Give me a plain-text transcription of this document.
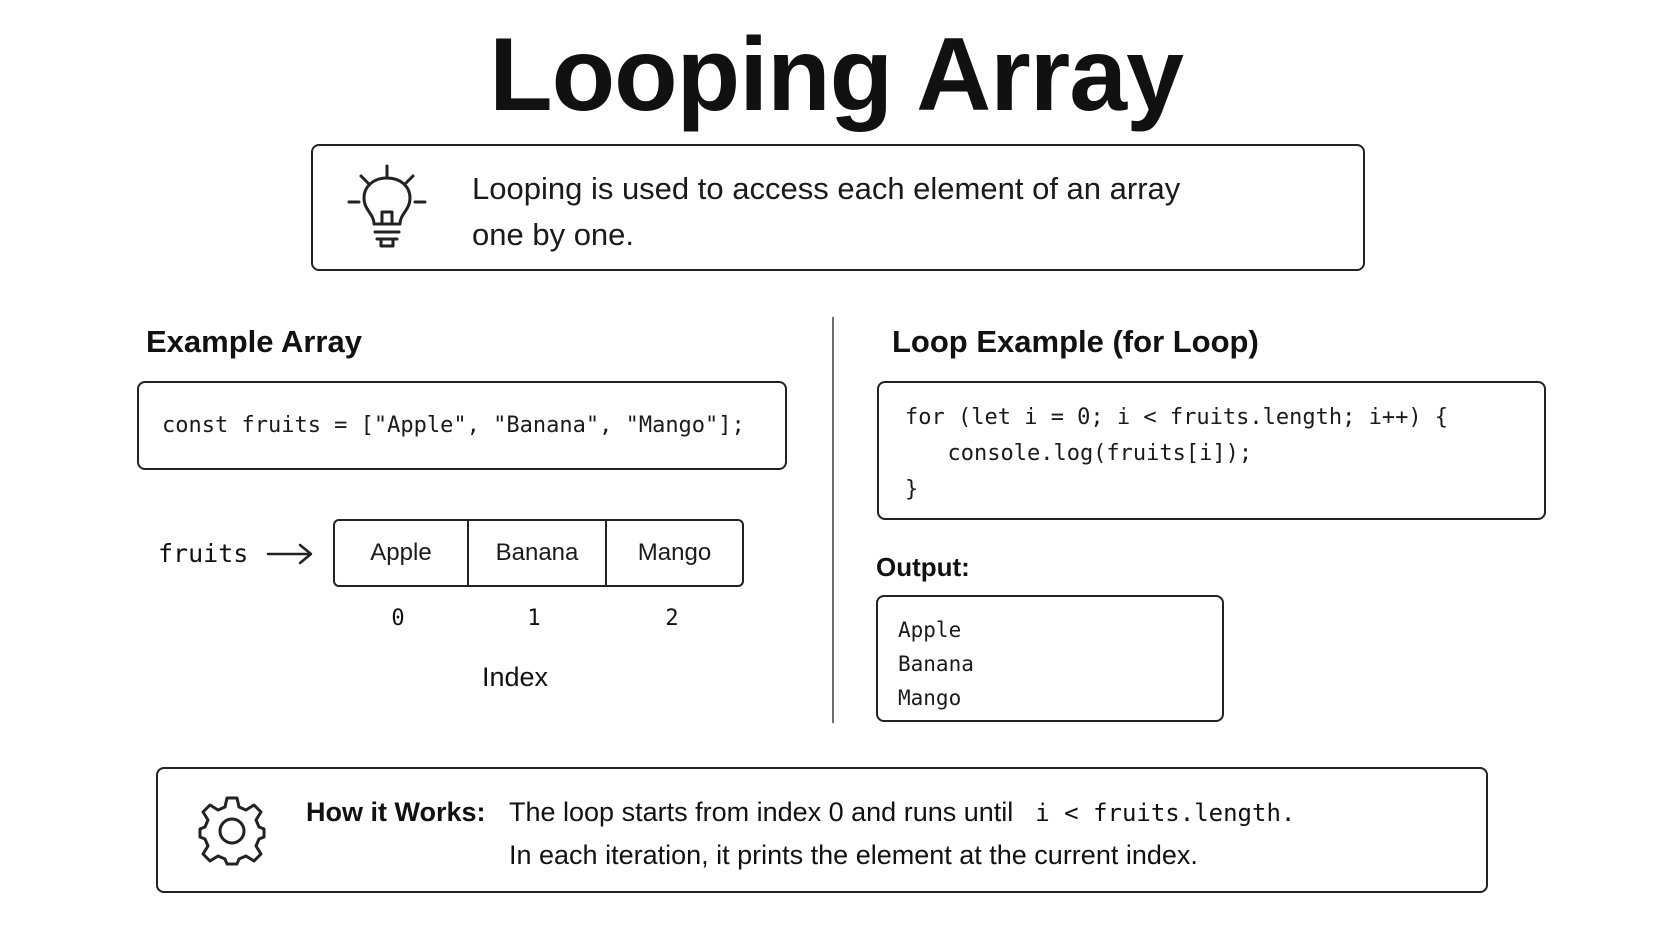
Looping Array
Looping is used to access each element of an array
one by one.
Example Array
const fruits = ["Apple", "Banana", "Mango"];
fruits	Apple	Banana	Mango
0	1	2
Index
Loop Example (for Loop)
for (let i = 0; i < fruits.length; i++) {
console.log(fruits[i]);
}
Output:
Apple
Banana
Mango
How it Works: The loop starts from index 0 and runs until i < fruits.length.
In each iteration, it prints the element at the current index.
